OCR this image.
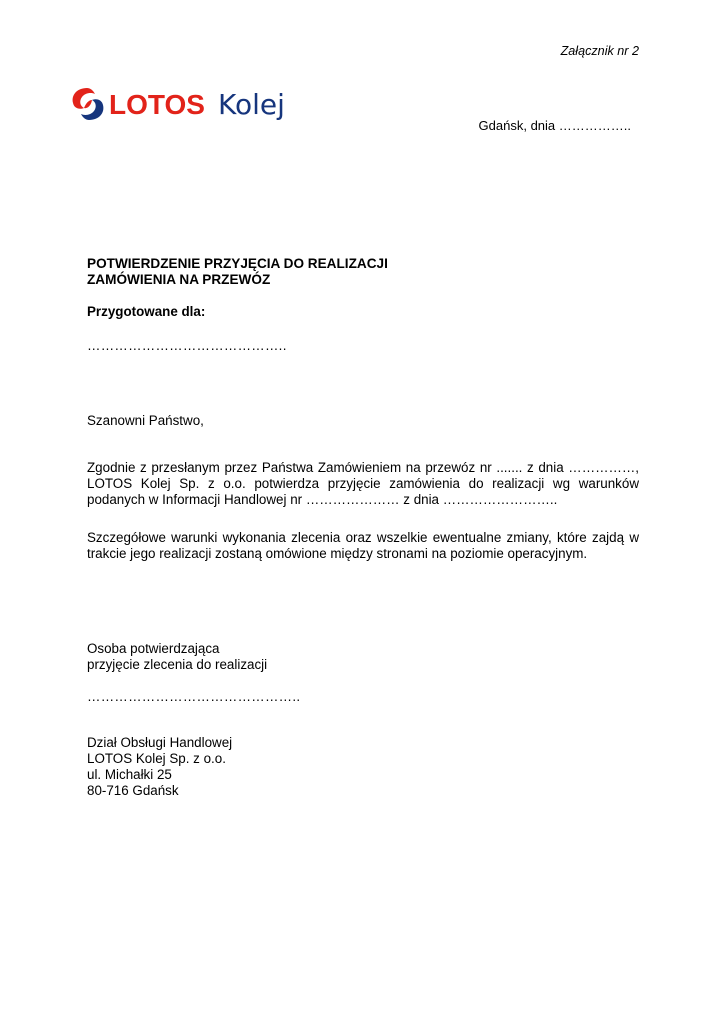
Załącznik nr 2
LOTOS Kolej
Gdańsk, dnia ……………..
POTWIERDZENIE PRZYJĘCIA DO REALIZACJI
ZAMÓWIENIA NA PRZEWÓZ
Przygotowane dla:
……………………………………..
Szanowni Państwo,
Zgodnie z przesłanym przez Państwa Zamówieniem na przewóz nr ....... z dnia ……………, LOTOS Kolej Sp. z o.o. potwierdza przyjęcie zamówienia do realizacji wg warunków podanych w Informacji Handlowej nr ………………… z dnia ……………………..
Szczegółowe warunki wykonania zlecenia oraz wszelkie ewentualne zmiany, które zajdą w trakcie jego realizacji zostaną omówione między stronami na poziomie operacyjnym.
Osoba potwierdzająca
przyjęcie zlecenia do realizacji
………………………………………..
Dział Obsługi Handlowej
LOTOS Kolej Sp. z o.o.
ul. Michałki 25
80-716 Gdańsk
